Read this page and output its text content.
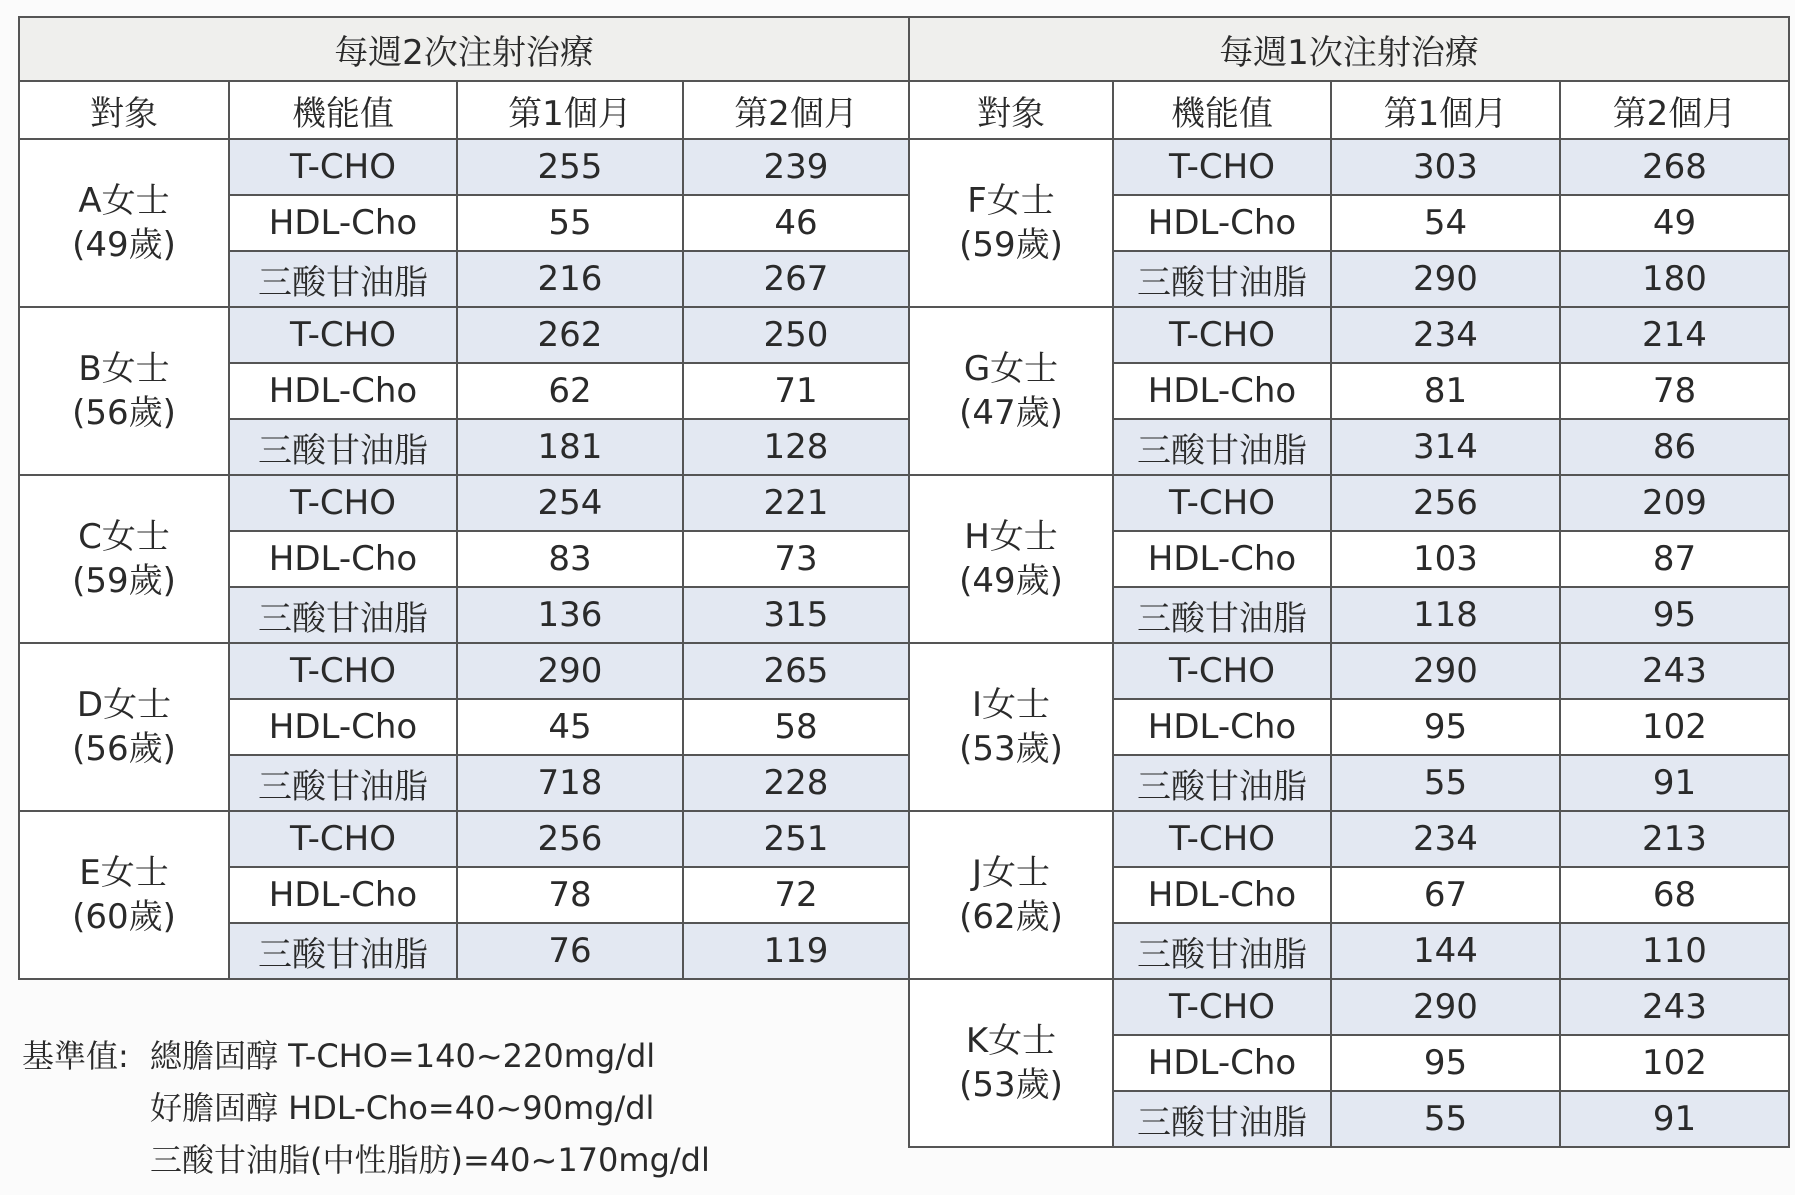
每週2次注射治療			
對象	機能值	第1個月	第2個月

A女士
(49歲)	T-CHO	255	239
	HDL-Cho	55	46
	三酸甘油脂	216	267

B女士
(56歲)	T-CHO	262	250
	HDL-Cho	62	71
	三酸甘油脂	181	128

C女士
(59歲)	T-CHO	254	221
	HDL-Cho	83	73
	三酸甘油脂	136	315

D女士
(56歲)	T-CHO	290	265
	HDL-Cho	45	58
	三酸甘油脂	718	228

E女士
(60歲)	T-CHO	256	251
	HDL-Cho	78	72
	三酸甘油脂	76	119
每週1次注射治療			
對象	機能值	第1個月	第2個月

F女士
(59歲)	T-CHO	303	268
	HDL-Cho	54	49
	三酸甘油脂	290	180

G女士
(47歲)	T-CHO	234	214
	HDL-Cho	81	78
	三酸甘油脂	314	86

H女士
(49歲)	T-CHO	256	209
	HDL-Cho	103	87
	三酸甘油脂	118	95

I女士
(53歲)	T-CHO	290	243
	HDL-Cho	95	102
	三酸甘油脂	55	91

J女士
(62歲)	T-CHO	234	213
	HDL-Cho	67	68
	三酸甘油脂	144	110

K女士
(53歲)	T-CHO	290	243
	HDL-Cho	95	102
	三酸甘油脂	55	91
基準值: 總膽固醇 T-CHO=140~220mg/dl
好膽固醇 HDL-Cho=40~90mg/dl
三酸甘油脂(中性脂肪)=40~170mg/dl
